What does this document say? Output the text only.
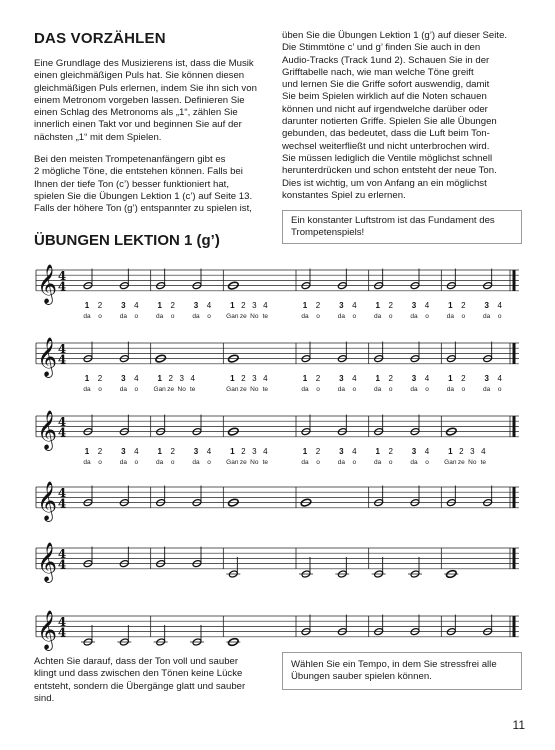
DAS VORZÄHLEN
Eine Grundlage des Musizierens ist, dass die Musik
einen gleichmäßigen Puls hat. Sie können diesen
gleichmäßigen Puls erlernen, indem Sie ihn sich von
einem Metronom vorgeben lassen. Definieren Sie
einen Schlag des Metronoms als „1“, zählen Sie
innerlich einen Takt vor und beginnen Sie auf der
nächsten „1“ mit dem Spielen.
Bei den meisten Trompetenanfängern gibt es
2 mögliche Töne, die entstehen können. Falls bei
Ihnen der tiefe Ton (c’) besser funktioniert hat,
spielen Sie die Übungen Lektion 1 (c’) auf Seite 13.
Falls der höhere Ton (g’) entspannter zu spielen ist,
üben Sie die Übungen Lektion 1 (g’) auf dieser Seite.
Die Stimmtöne c’ und g’ finden Sie auch in den
Audio-Tracks (Track 1und 2). Schauen Sie in der
Grifftabelle nach, wie man welche Töne greift
und lernen Sie die Griffe sofort auswendig, damit
Sie beim Spielen wirklich auf die Noten schauen
können und nicht auf irgendwelche darüber oder
darunter notierten Griffe. Spielen Sie alle Übungen
gebunden, das bedeutet, dass die Luft beim Ton-
wechsel weiterfließt und nicht unterbrochen wird.
Sie müssen lediglich die Ventile möglichst schnell
herunterdrücken und schon entsteht der neue Ton.
Dies ist wichtig, um von Anfang an ein möglichst
konstantes Spiel zu erlernen.
Ein konstanter Luftstrom ist das Fundament des
Trompetenspiels!
ÜBUNGEN LEKTION 1 (g’)
𝄞 4
4
1
da
2
o
3
da
4
o
1
da
2
o
3
da
4
o
1
Gan
2
ze
3
No
4
te
1
da
2
o
3
da
4
o
1
da
2
o
3
da
4
o
1
da
2
o
3
da
4
o
𝄞 4
4
1
da
2
o
3
da
4
o
1
Gan
2
ze
3
No
4
te
1
Gan
2
ze
3
No
4
te
1
da
2
o
3
da
4
o
1
da
2
o
3
da
4
o
1
da
2
o
3
da
4
o
𝄞 4
4
1
da
2
o
3
da
4
o
1
da
2
o
3
da
4
o
1
Gan
2
ze
3
No
4
te
1
da
2
o
3
da
4
o
1
da
2
o
3
da
4
o
1
Gan
2
ze
3
No
4
te
𝄞 4
4
𝄞 4
4
𝄞 4
4
Achten Sie darauf, dass der Ton voll und sauber
klingt und dass zwischen den Tönen keine Lücke
entsteht, sondern die Übergänge glatt und sauber
sind.
Wählen Sie ein Tempo, in dem Sie stressfrei alle
Übungen sauber spielen können.
11
